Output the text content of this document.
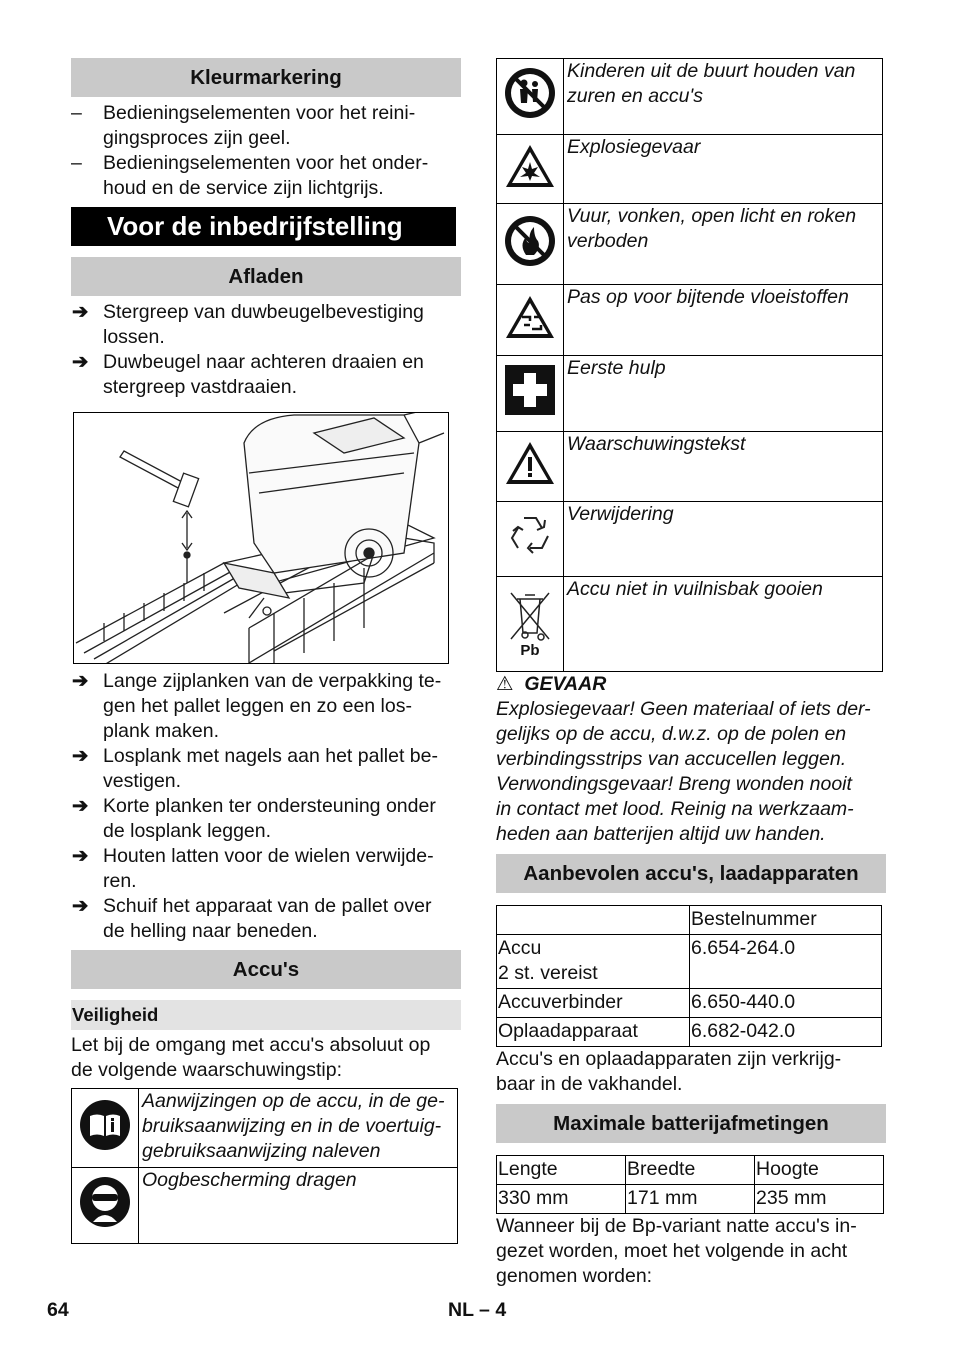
Kleurmarkering
– Bedieningselementen voor het reini-
gingsproces zijn geel.
– Bedieningselementen voor het onder-
houd en de service zijn lichtgrijs.
Voor de inbedrijfstelling
Afladen
➔ Stergreep van duwbeugelbevestiging
lossen.
➔ Duwbeugel naar achteren draaien en
stergreep vastdraaien.
➔ Lange zijplanken van de verpakking te-
gen het pallet leggen en zo een los-
plank maken.
➔ Losplank met nagels aan het pallet be-
vestigen.
➔ Korte planken ter ondersteuning onder
de losplank leggen.
➔ Houten latten voor de wielen verwijde-
ren.
➔ Schuif het apparaat van de pallet over
de helling naar beneden.
Accu's
Veiligheid
Let bij de omgang met accu's absoluut op
de volgende waarschuwingstip:
	Aanwijzingen op de accu, in de ge-
bruiksaanwijzing en in de voertuig-
gebruiksaanwijzing naleven
	Oogbescherming dragen
	Kinderen uit de buurt houden van
zuren en accu's
	Explosiegevaar
	Vuur, vonken, open licht en roken
verboden
	Pas op voor bijtende vloeistoffen
	Eerste hulp
	Waarschuwingstekst
	Verwijdering

Pb	Accu niet in vuilnisbak gooien
⚠ GEVAAR
Explosiegevaar! Geen materiaal of iets der-
gelijks op de accu, d.w.z. op de polen en
verbindingsstrips van accucellen leggen.
Verwondingsgevaar! Breng wonden nooit
in contact met lood. Reinig na werkzaam-
heden aan batterijen altijd uw handen.
Aanbevolen accu's, laadapparaten
	Bestelnummer
Accu
2 st. vereist	6.654-264.0
Accuverbinder	6.650-440.0
Oplaadapparaat	6.682-042.0
Accu's en oplaadapparaten zijn verkrijg-
baar in de vakhandel.
Maximale batterijafmetingen
Lengte	Breedte	Hoogte
330 mm	171 mm	235 mm
Wanneer bij de Bp-variant natte accu's in-
gezet worden, moet het volgende in acht
genomen worden:
64	NL – 4
